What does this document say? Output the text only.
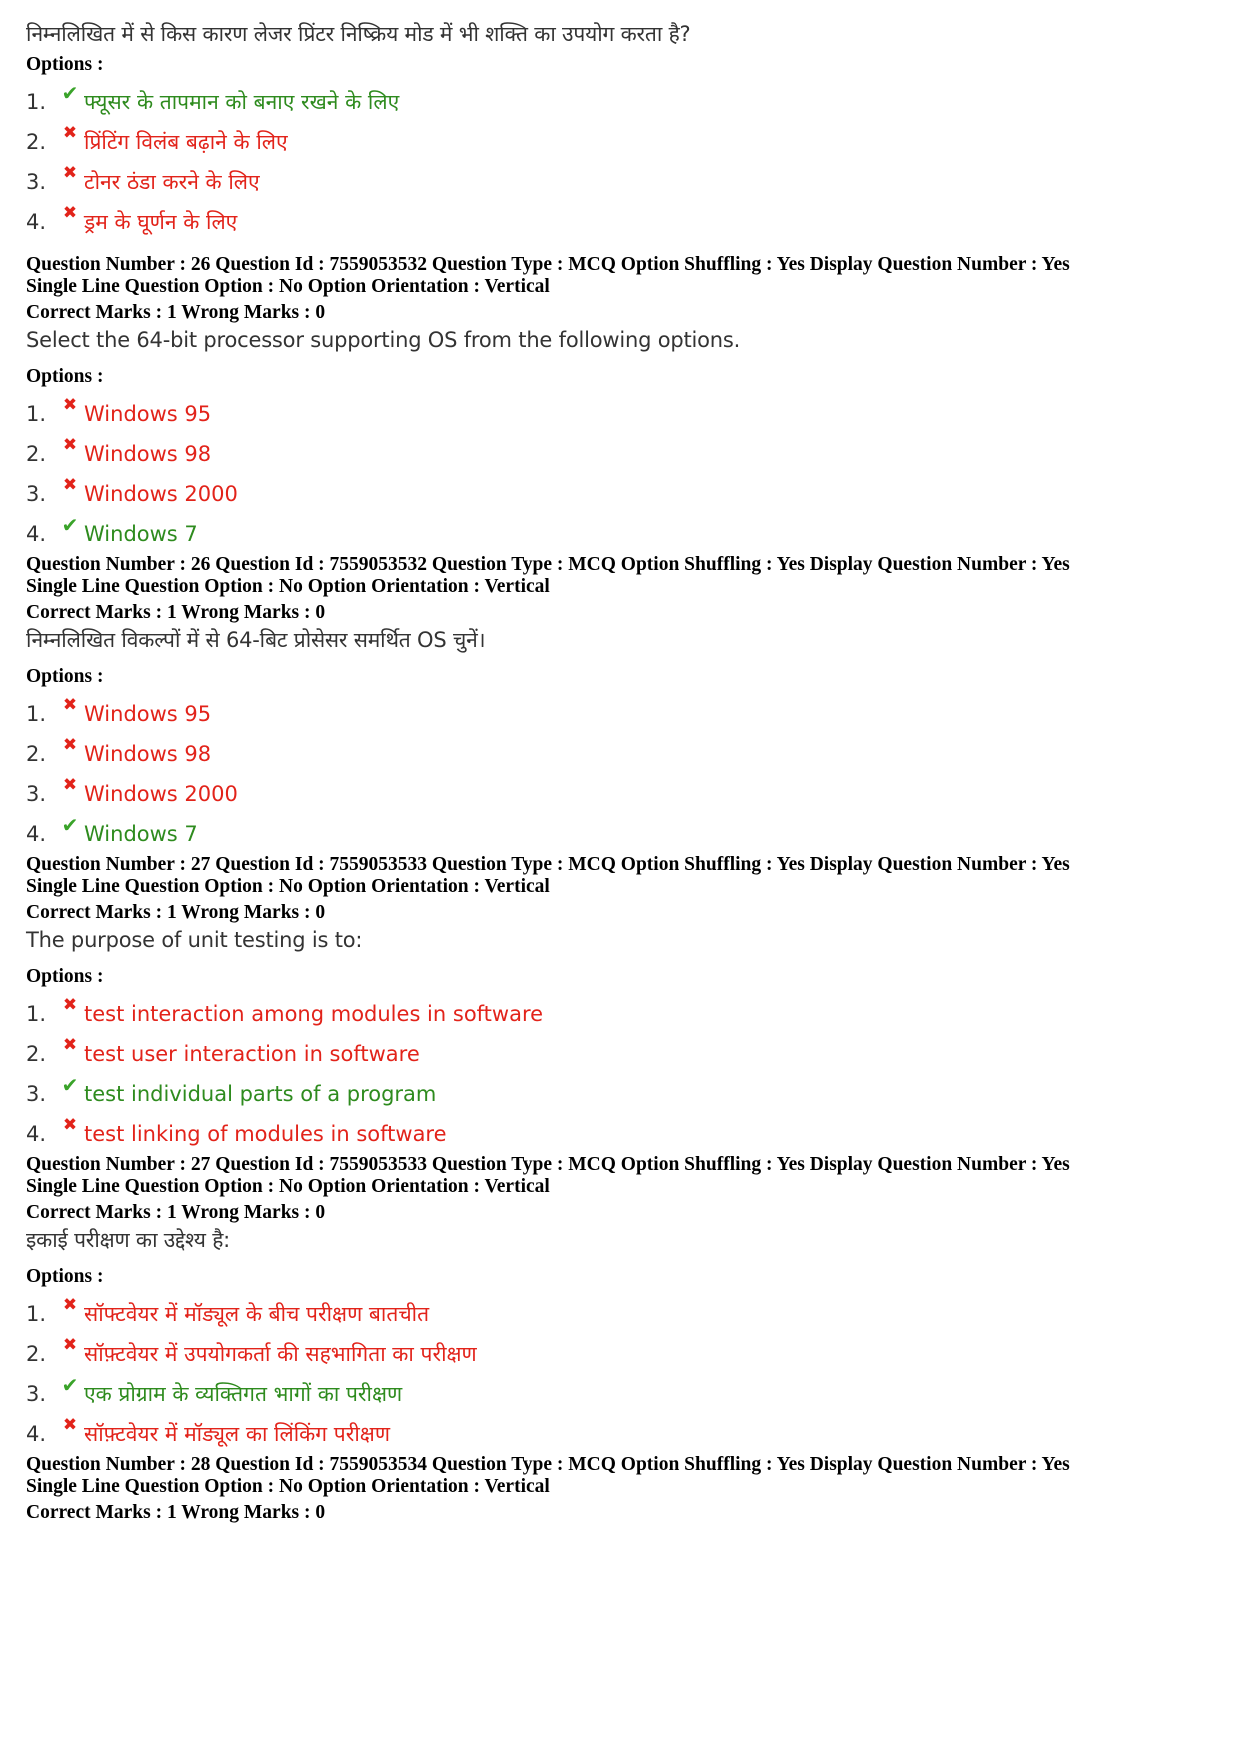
निम्नलिखित में से किस कारण लेजर प्रिंटर निष्क्रिय मोड में भी शक्ति का उपयोग करता है?
Options :
1. ✔ फ्यूसर के तापमान को बनाए रखने के लिए
2. ✖ प्रिंटिंग विलंब बढ़ाने के लिए
3. ✖ टोनर ठंडा करने के लिए
4. ✖ ड्रम के घूर्णन के लिए
Question Number : 26 Question Id : 7559053532 Question Type : MCQ Option Shuffling : Yes Display Question Number : Yes
Single Line Question Option : No Option Orientation : Vertical
Correct Marks : 1 Wrong Marks : 0
Select the 64-bit processor supporting OS from the following options.
Options :
1. ✖ Windows 95
2. ✖ Windows 98
3. ✖ Windows 2000
4. ✔ Windows 7
Question Number : 26 Question Id : 7559053532 Question Type : MCQ Option Shuffling : Yes Display Question Number : Yes
Single Line Question Option : No Option Orientation : Vertical
Correct Marks : 1 Wrong Marks : 0
निम्नलिखित विकल्पों में से 64-बिट प्रोसेसर समर्थित OS चुनें।
Options :
1. ✖ Windows 95
2. ✖ Windows 98
3. ✖ Windows 2000
4. ✔ Windows 7
Question Number : 27 Question Id : 7559053533 Question Type : MCQ Option Shuffling : Yes Display Question Number : Yes
Single Line Question Option : No Option Orientation : Vertical
Correct Marks : 1 Wrong Marks : 0
The purpose of unit testing is to:
Options :
1. ✖ test interaction among modules in software
2. ✖ test user interaction in software
3. ✔ test individual parts of a program
4. ✖ test linking of modules in software
Question Number : 27 Question Id : 7559053533 Question Type : MCQ Option Shuffling : Yes Display Question Number : Yes
Single Line Question Option : No Option Orientation : Vertical
Correct Marks : 1 Wrong Marks : 0
इकाई परीक्षण का उद्देश्य है:
Options :
1. ✖ सॉफ्टवेयर में मॉड्यूल के बीच परीक्षण बातचीत
2. ✖ सॉफ़्टवेयर में उपयोगकर्ता की सहभागिता का परीक्षण
3. ✔ एक प्रोग्राम के व्यक्तिगत भागों का परीक्षण
4. ✖ सॉफ़्टवेयर में मॉड्यूल का लिंकिंग परीक्षण
Question Number : 28 Question Id : 7559053534 Question Type : MCQ Option Shuffling : Yes Display Question Number : Yes
Single Line Question Option : No Option Orientation : Vertical
Correct Marks : 1 Wrong Marks : 0
